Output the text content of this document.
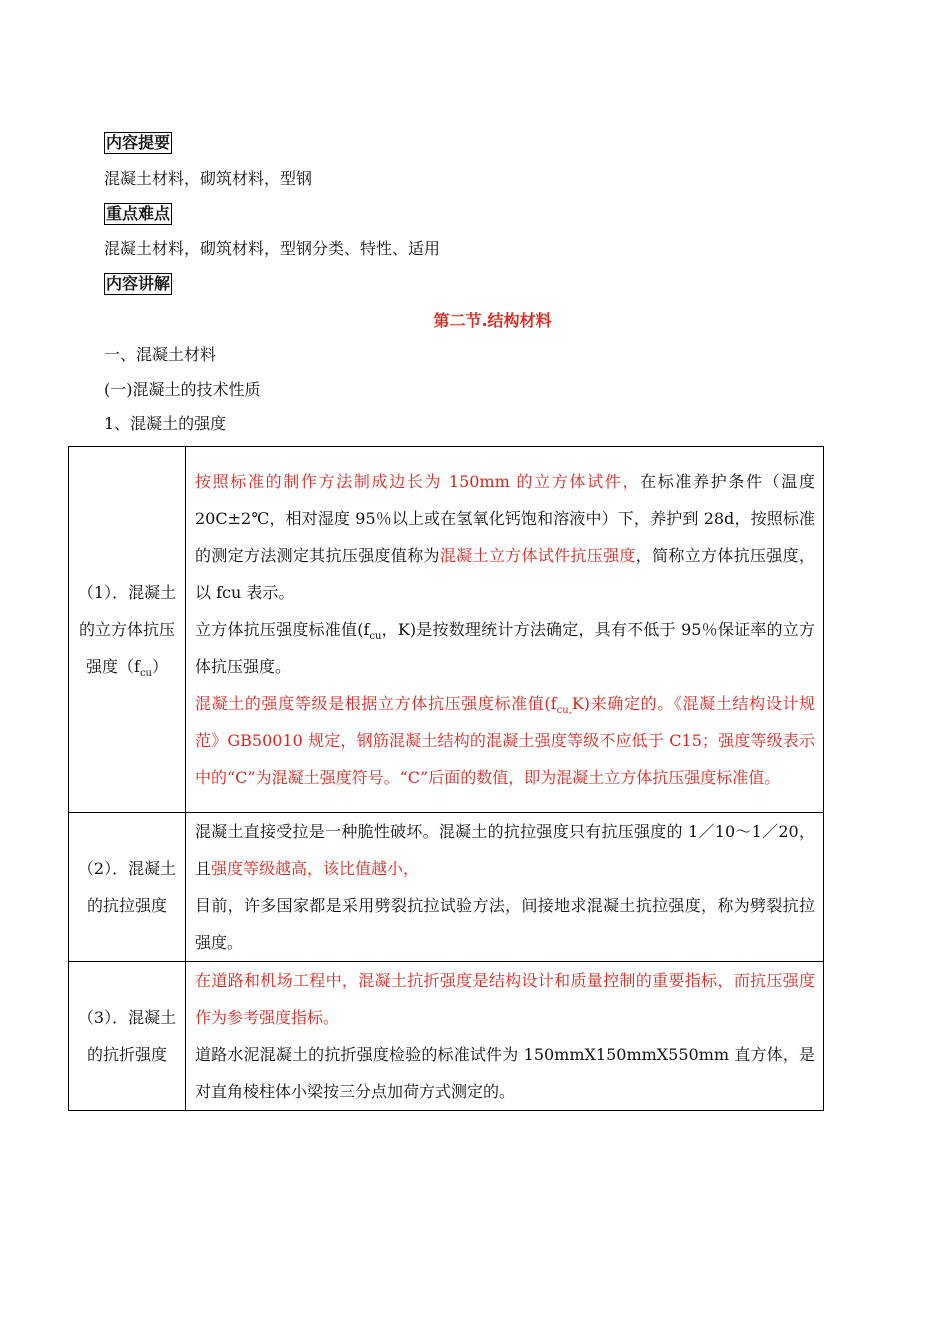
内容提要
混凝土材料，砌筑材料，型钢
重点难点
混凝土材料，砌筑材料，型钢分类、特性、适用
内容讲解
第二节.结构材料
一、混凝土材料
(一)混凝土的技术性质
1、混凝土的强度
（1）．混凝土的立方体抗压强度$(f_{cu})$	按照标准的制作方法制成边长为 150mm 的立方体试件，在标准养护条件（温度 20C±2℃，相对湿度 95％以上或在氢氧化钙饱和溶液中）下，养护到 28d，按照标准的测定方法测定其抗压强度值称为混凝土立方体试件抗压强度，简称立方体抗压强度，以 fcu 表示。

立方体抗压强度标准值($f_{cu}$，K)是按数理统计方法确定，具有不低于 95％保证率的立方体抗压强度。

混凝土的强度等级是根据立方体抗压强度标准值$(f_{cu,}K)$来确定的。《混凝土结构设计规范》GB50010 规定，钢筋混凝土结构的混凝土强度等级不应低于 C15；强度等级表示中的“C”为混凝土强度符号。“C”后面的数值，即为混凝土立方体抗压强度标准值。

（2）．混凝土的抗拉强度	混凝土直接受拉是一种脆性破坏。混凝土的抗拉强度只有抗压强度的 1／10～1／20，且强度等级越高，该比值越小，

目前，许多国家都是采用劈裂抗拉试验方法，间接地求混凝土抗拉强度，称为劈裂抗拉强度。

（3）．混凝土的抗折强度	在道路和机场工程中，混凝土抗折强度是结构设计和质量控制的重要指标，而抗压强度作为参考强度指标。

道路水泥混凝土的抗折强度检验的标准试件为 150mmX150mmX550mm 直方体，是对直角棱柱体小梁按三分点加荷方式测定的。
